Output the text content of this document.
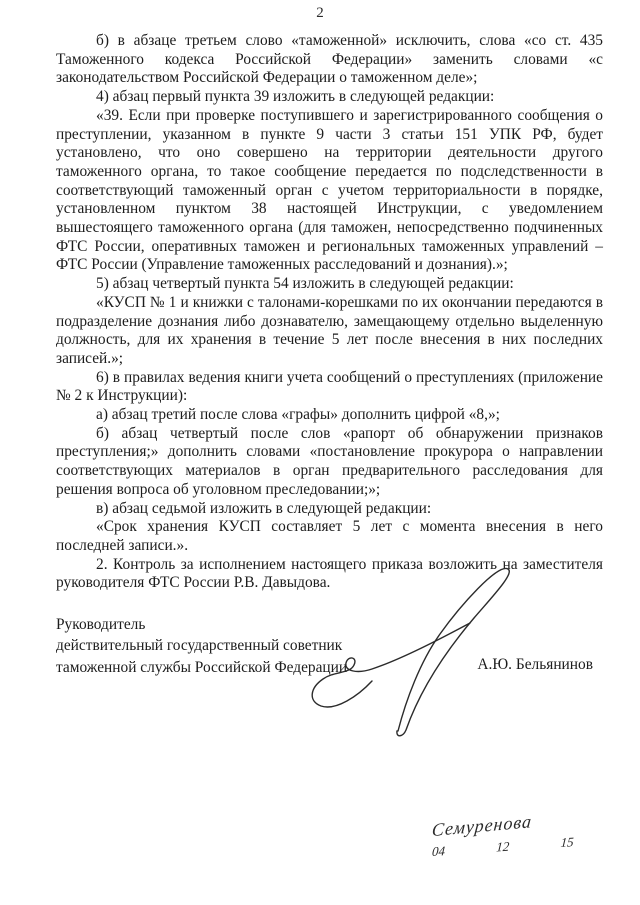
2

б) в абзаце третьем слово «таможенной» исключить, слова «со ст. 435 Таможенного кодекса Российской Федерации» заменить словами «с законодательством Российской Федерации о таможенном деле»;

4) абзац первый пункта 39 изложить в следующей редакции:

«39. Если при проверке поступившего и зарегистрированного сообщения о преступлении, указанном в пункте 9 части 3 статьи 151 УПК РФ, будет установлено, что оно совершено на территории деятельности другого таможенного органа, то такое сообщение передается по подследственности в соответствующий таможенный орган с учетом территориальности в порядке, установленном пунктом 38 настоящей Инструкции, с уведомлением вышестоящего таможенного органа (для таможен, непосредственно подчиненных ФТС России, оперативных таможен и региональных таможенных управлений – ФТС России (Управление таможенных расследований и дознания).»;

5) абзац четвертый пункта 54 изложить в следующей редакции:

«КУСП № 1 и книжки с талонами-корешками по их окончании передаются в подразделение дознания либо дознавателю, замещающему отдельно выделенную должность, для их хранения в течение 5 лет после внесения в них последних записей.»;

6) в правилах ведения книги учета сообщений о преступлениях (приложение № 2 к Инструкции):

а) абзац третий после слова «графы» дополнить цифрой «8,»;

б) абзац четвертый после слов «рапорт об обнаружении признаков преступления;» дополнить словами «постановление прокурора о направлении соответствующих материалов в орган предварительного расследования для решения вопроса об уголовном преследовании;»;

в) абзац седьмой изложить в следующей редакции:

«Срок хранения КУСП составляет 5 лет с момента внесения в него последней записи.».

2. Контроль за исполнением настоящего приказа возложить на заместителя руководителя ФТС России Р.В. Давыдова.

Руководитель
действительный государственный советник
таможенной службы Российской Федерации	А.Ю. Бельянинов
Семуренова
04	12	15
